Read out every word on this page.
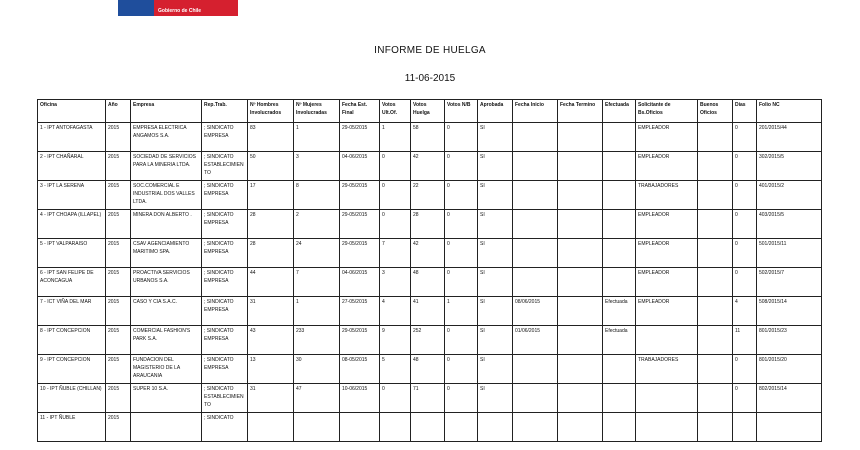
Gobierno de Chile
INFORME DE HUELGA
11-06-2015
Oficina	Año	Empresa	Rep.Trab.	Nº Hombres Involucrados	Nº Mujeres Involucradas	Fecha Est. Final	Votos Ult.Of.	Votos Huelga	Votos N/B	Aprobada	Fecha Inicio	Fecha Termino	Efectuada	Solicitante de Bs.Oficios	Buenos Oficios	Días	Folio NC
1 - IPT ANTOFAGASTA	2015	EMPRESA ELECTRICA ANGAMOS S.A.	; SINDICATO EMPRESA	83	1	29-05/2015	1	58	0	SI				EMPLEADOR		0	201/2015/44
2 - IPT CHAÑARAL	2015	SOCIEDAD DE SERVICIOS PARA LA MINERIA LTDA.	; SINDICATO ESTABLECIMIENTO	50	3	04-06/2015	0	42	0	SI				EMPLEADOR		0	302/2015/5
3 - IPT LA SERENA	2015	SOC.COMERCIAL E INDUSTRIAL DOS VALLES LTDA.	; SINDICATO EMPRESA	17	8	29-05/2015	0	22	0	SI				TRABAJADORES		0	401/2015/2
4 - IPT CHOAPA (ILLAPEL)	2015	MINERA DON ALBERTO .	; SINDICATO EMPRESA	28	2	29-05/2015	0	28	0	SI				EMPLEADOR		0	403/2015/5
5 - IPT VALPARAISO	2015	CSAV AGENCIAMIENTO MARITIMO SPA.	; SINDICATO EMPRESA	28	24	29-05/2015	7	42	0	SI				EMPLEADOR		0	501/2015/11
6 - IPT SAN FELIPE DE ACONCAGUA	2015	PROACTIVA SERVICIOS URBANOS S.A.	; SINDICATO EMPRESA	44	7	04-06/2015	3	48	0	SI				EMPLEADOR		0	502/2015/7
7 - ICT VIÑA DEL MAR	2015	CASO Y CIA S.A.C.	; SINDICATO EMPRESA	31	1	27-05/2015	4	41	1	SI	08/06/2015		Efectuada	EMPLEADOR		4	508/2015/14
8 - IPT CONCEPCION	2015	COMERCIAL FASHION'S PARK S.A.	; SINDICATO EMPRESA	43	233	29-05/2015	9	252	0	SI	01/06/2015		Efectuada			11	801/2015/23
9 - IPT CONCEPCION	2015	FUNDACION DEL MAGISTERIO DE LA ARAUCANIA	; SINDICATO EMPRESA	13	30	08-05/2015	5	48	0	SI				TRABAJADORES		0	801/2015/20
10 - IPT ÑUBLE (CHILLAN)	2015	SUPER 10 S.A.	; SINDICATO ESTABLECIMIENTO	31	47	10-06/2015	0	71	0	SI						0	802/2015/14
11 - IPT ÑUBLE	2015		; SINDICATO														
